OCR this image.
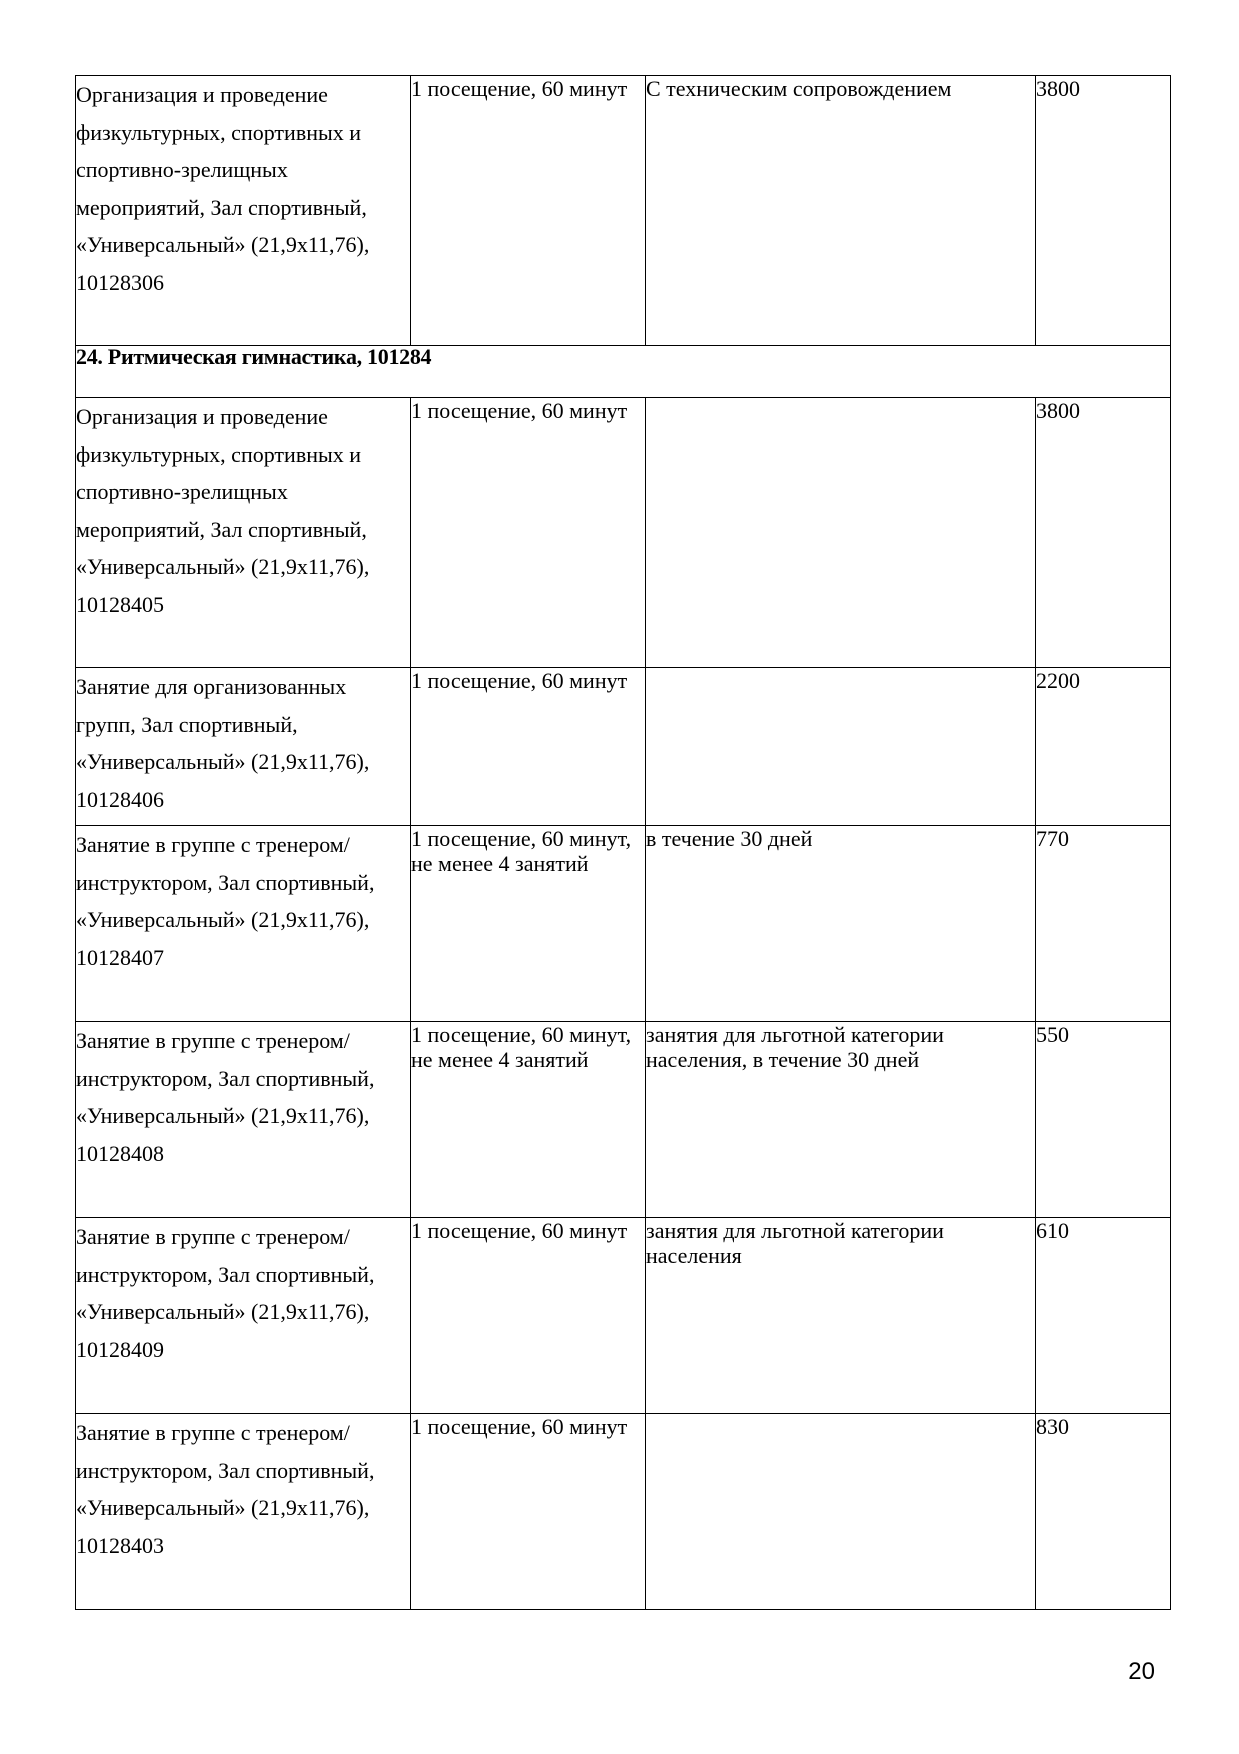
Организация и проведение физкультурных, спортивных и спортивно-зрелищных мероприятий, Зал спортивный, «Универсальный» (21,9х11,76), 10128306	1 посещение, 60 минут	С техническим сопровождением	3800
24. Ритмическая гимнастика, 101284			
Организация и проведение физкультурных, спортивных и спортивно-зрелищных мероприятий, Зал спортивный, «Универсальный» (21,9х11,76), 10128405	1 посещение, 60 минут		3800
Занятие для организованных групп, Зал спортивный, «Универсальный» (21,9х11,76), 10128406	1 посещение, 60 минут		2200
Занятие в группе с тренером/инструктором, Зал спортивный, «Универсальный» (21,9х11,76), 10128407	1 посещение, 60 минут, не менее 4 занятий	в течение 30 дней	770
Занятие в группе с тренером/инструктором, Зал спортивный, «Универсальный» (21,9х11,76), 10128408	1 посещение, 60 минут, не менее 4 занятий	занятия для льготной категории населения, в течение 30 дней	550
Занятие в группе с тренером/инструктором, Зал спортивный, «Универсальный» (21,9х11,76), 10128409	1 посещение, 60 минут	занятия для льготной категории населения	610
Занятие в группе с тренером/инструктором, Зал спортивный, «Универсальный» (21,9х11,76), 10128403	1 посещение, 60 минут		830
20
